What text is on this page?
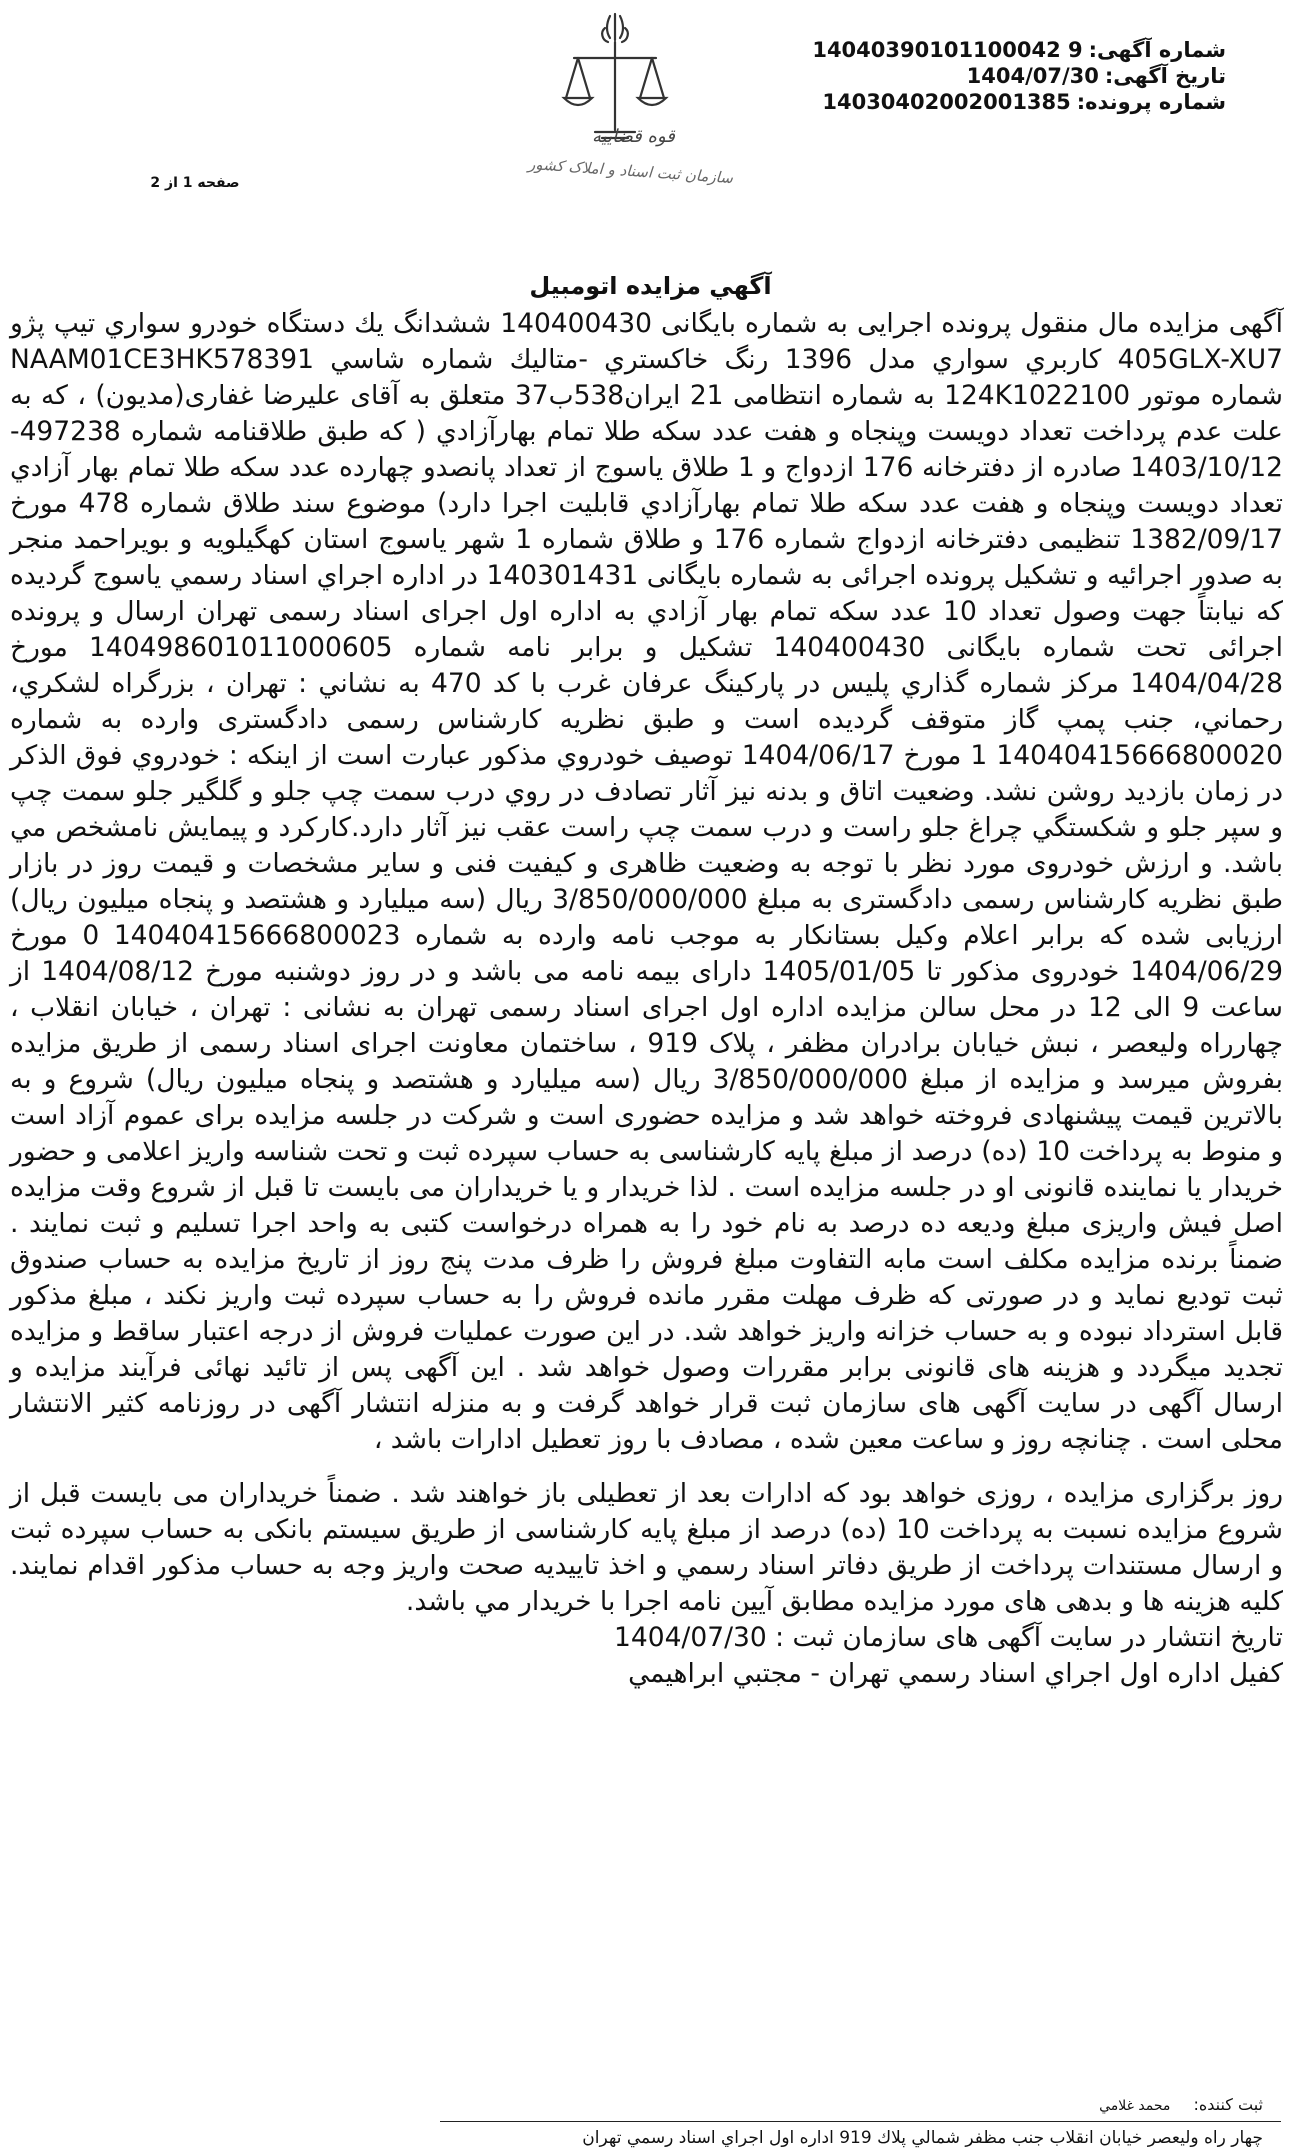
شماره آگهی:14040390101100042 9
تاریخ آگهی:1404/07/30
شماره پرونده:14030402002001385
قوه قضاییه
سازمان ثبت اسناد و املاک کشور
صفحه 1 از 2
آگهي مزايده اتومبيل

آگهی مزایده مال منقول پرونده اجرایی به شماره بایگانی 140400430 ششدانگ یك دستگاه خودرو سواري تيپ پژو 405GLX-XU7 كاربري سواري مدل 1396 رنگ خاكستري -متاليك شماره شاسي NAAM01CE3HK578391 شماره موتور 124K1022100 به شماره انتظامی 21 ایران538ب37 متعلق به آقای علیرضا غفاری(مدیون) ، که به علت عدم پرداخت تعداد دویست وپنجاه و هفت عدد سكه طلا تمام بهارآزادي ( كه طبق طلاقنامه شماره 497238-1403/10/12 صادره از دفترخانه 176 ازدواج و 1 طلاق یاسوج از تعداد پانصدو چهارده عدد سكه طلا تمام بهار آزادي تعداد دويست وپنجاه و هفت عدد سكه طلا تمام بهارآزادي قابليت اجرا دارد) موضوع سند طلاق شماره 478 مورخ 1382/09/17 تنظیمی دفترخانه ازدواج شماره 176 و طلاق شماره 1 شهر یاسوج استان كهگيلويه و بويراحمد منجر به صدور اجرائیه و تشکیل پرونده اجرائی به شماره بایگانی 140301431 در اداره اجراي اسناد رسمي ياسوج گرديده كه نيابتاً جهت وصول تعداد 10 عدد سكه تمام بهار آزادي به اداره اول اجرای اسناد رسمی تهران ارسال و پرونده اجرائی تحت شماره بایگانی 140400430 تشکیل و برابر نامه شماره 140498601011000605 مورخ 1404/04/28 مرکز شماره گذاري پليس در پاركينگ عرفان غرب با كد 470 به نشاني : تهران ، بزرگراه لشكري، رحماني، جنب پمپ گاز متوقف گرديده است و طبق نظريه كارشناس رسمی دادگستری وارده به شماره 14040415666800020 1 مورخ 1404/06/17 توصیف خودروي مذكور عبارت است از اینکه : خودروي فوق الذكر در زمان بازديد روشن نشد. وضعيت اتاق و بدنه نیز آثار تصادف در روي درب سمت چپ جلو و گلگیر جلو سمت چپ و سپر جلو و شکستگي چراغ جلو راست و درب سمت چپ راست عقب نيز آثار دارد.کارکرد و پيمايش نامشخص مي باشد. و ارزش خودروی مورد نظر با توجه به وضعیت ظاهری و کیفیت فنی و سایر مشخصات و قیمت روز در بازار طبق نظریه کارشناس رسمی دادگستری به مبلغ 3/850/000/000 ریال (سه میلیارد و هشتصد و پنجاه میلیون ریال) ارزیابی شده که برابر اعلام وکیل بستانکار به موجب نامه وارده به شماره 14040415666800023 0 مورخ 1404/06/29 خودروی مذکور تا 1405/01/05 دارای بیمه نامه می باشد و در روز دوشنبه مورخ 1404/08/12 از ساعت 9 الی 12 در محل سالن مزایده اداره اول اجرای اسناد رسمی تهران به نشانی : تهران ، خیابان انقلاب ، چهارراه ولیعصر ، نبش خیابان برادران مظفر ، پلاک 919 ، ساختمان معاونت اجرای اسناد رسمی از طریق مزایده بفروش میرسد و مزایده از مبلغ 3/850/000/000 ریال (سه میلیارد و هشتصد و پنجاه میلیون ریال) شروع و به بالاترین قیمت پیشنهادی فروخته خواهد شد و مزایده حضوری است و شرکت در جلسه مزایده برای عموم آزاد است و منوط به پرداخت 10 (ده) درصد از مبلغ پایه کارشناسی به حساب سپرده ثبت و تحت شناسه واریز اعلامی و حضور خریدار یا نماینده قانونی او در جلسه مزایده است . لذا خریدار و یا خریداران می بایست تا قبل از شروع وقت مزایده اصل فیش واریزی مبلغ ودیعه ده درصد به نام خود را به همراه درخواست کتبی به واحد اجرا تسلیم و ثبت نمایند . ضمناً برنده مزایده مکلف است مابه التفاوت مبلغ فروش را ظرف مدت پنج روز از تاریخ مزایده به حساب صندوق ثبت تودیع نماید و در صورتی که ظرف مهلت مقرر مانده فروش را به حساب سپرده ثبت واریز نکند ، مبلغ مذکور قابل استرداد نبوده و به حساب خزانه واریز خواهد شد. در این صورت عملیات فروش از درجه اعتبار ساقط و مزایده تجدید میگردد و هزینه های قانونی برابر مقررات وصول خواهد شد . این آگهی پس از تائید نهائی فرآیند مزایده و ارسال آگهی در سایت آگهی های سازمان ثبت قرار خواهد گرفت و به منزله انتشار آگهی در روزنامه کثیر الانتشار محلی است . چنانچه روز و ساعت معین شده ، مصادف با روز تعطیل ادارات باشد ،

روز برگزاری مزایده ، روزی خواهد بود که ادارات بعد از تعطیلی باز خواهند شد . ضمناً خریداران می بایست قبل از شروع مزایده نسبت به پرداخت 10 (ده) درصد از مبلغ پایه کارشناسی از طریق سیستم بانکی به حساب سپرده ثبت و ارسال مستندات پرداخت از طریق دفاتر اسناد رسمي و اخذ تاييديه صحت واريز وجه به حساب مذكور اقدام نمايند. كليه هزينه ها و بدهی های مورد مزایده مطابق آيين نامه اجرا با خريدار مي باشد.

تاریخ انتشار در سایت آگهی های سازمان ثبت : 1404/07/30

کفیل اداره اول اجراي اسناد رسمي تهران - مجتبي ابراهيمي

ثبت کننده: محمد غلامي
چهار راه وليعصر خيابان انقلاب جنب مظفر شمالي پلاك 919 اداره اول اجراي اسناد رسمي تهران
